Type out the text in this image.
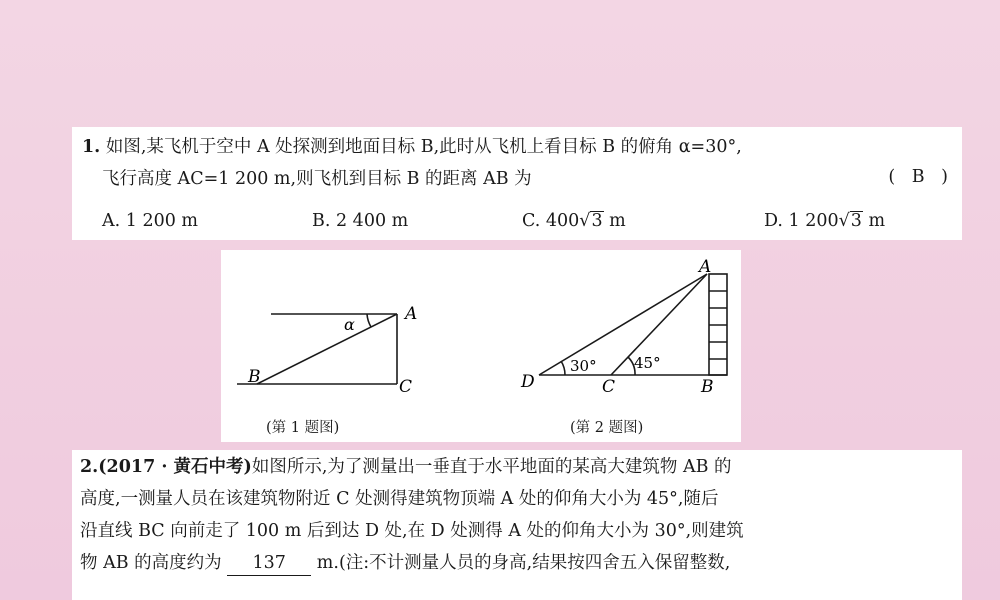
1. 如图,某飞机于空中 A 处探测到地面目标 B,此时从飞机上看目标 B 的俯角 α=30°,
飞行高度 AC=1 200 m,则飞机到目标 B 的距离 AB 为	( B )
A. 1 200 m	B. 2 400 m	C. 400√3 m	D. 1 200√3 m
A
B	C
α
A
B
C
D
30° 45°
(第 1 题图)	(第 2 题图)
2.(2017 · 黄石中考)如图所示,为了测量出一垂直于水平地面的某高大建筑物 AB 的
高度,一测量人员在该建筑物附近 C 处测得建筑物顶端 A 处的仰角大小为 45°,随后
沿直线 BC 向前走了 100 m 后到达 D 处,在 D 处测得 A 处的仰角大小为 30°,则建筑
物 AB 的高度约为 137 m.(注:不计测量人员的身高,结果按四舍五入保留整数,
